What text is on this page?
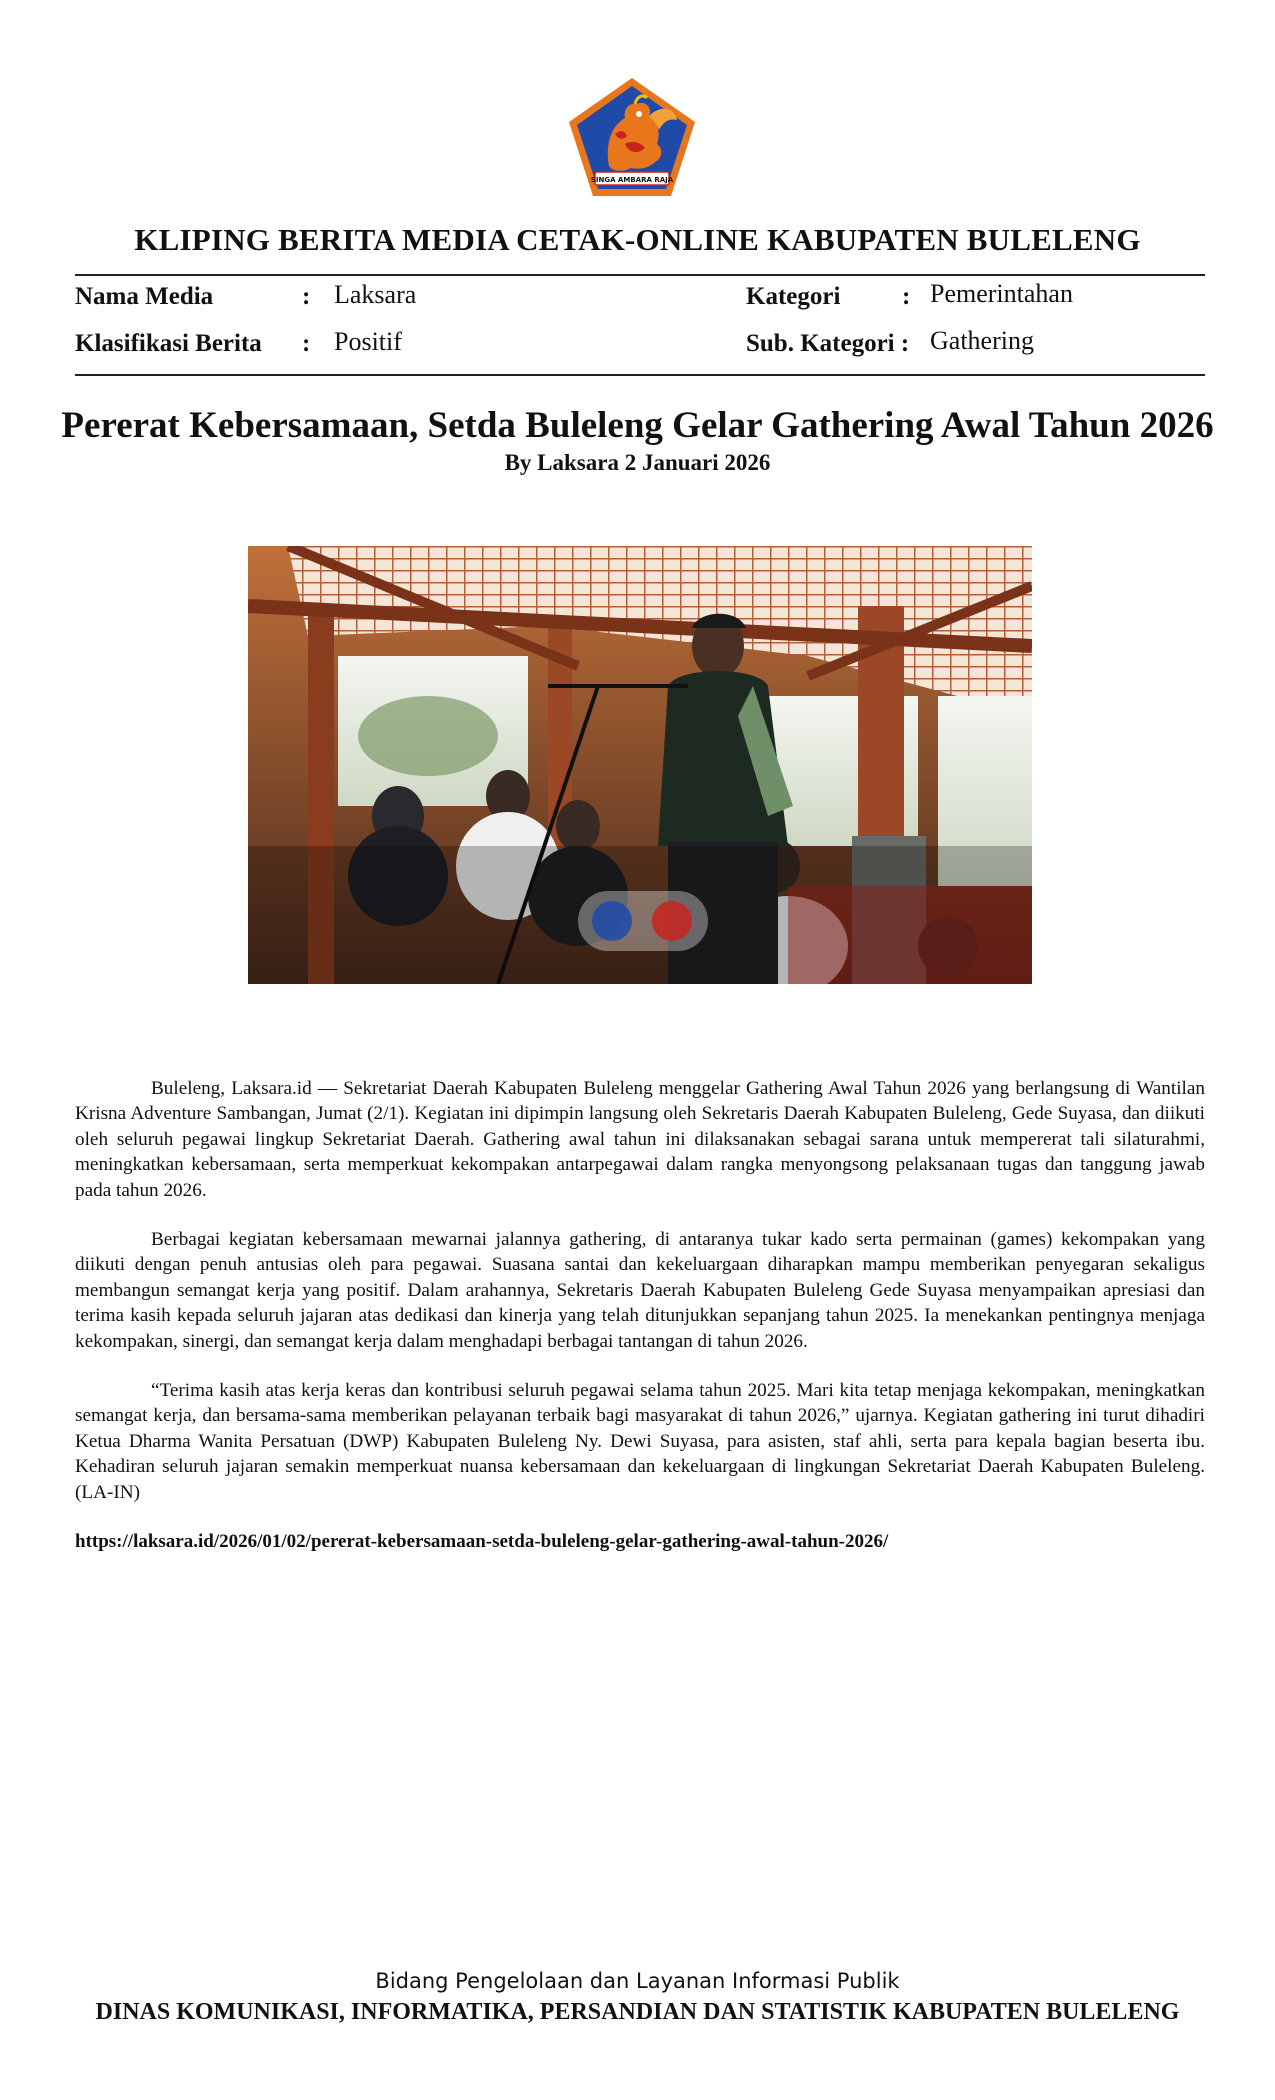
SINGA AMBARA RAJA
KLIPING BERITA MEDIA CETAK-ONLINE KABUPATEN BULELENG
Nama Media	: Laksara
Klasifikasi Berita : Positif
Kategori : Pemerintahan
Sub. Kategori : Gathering
Pererat Kebersamaan, Setda Buleleng Gelar Gathering Awal Tahun 2026
By Laksara 2 Januari 2026

Buleleng, Laksara.id — Sekretariat Daerah Kabupaten Buleleng menggelar Gathering Awal Tahun 2026 yang berlangsung di Wantilan Krisna Adventure Sambangan, Jumat (2/1). Kegiatan ini dipimpin langsung oleh Sekretaris Daerah Kabupaten Buleleng, Gede Suyasa, dan diikuti oleh seluruh pegawai lingkup Sekretariat Daerah. Gathering awal tahun ini dilaksanakan sebagai sarana untuk mempererat tali silaturahmi, meningkatkan kebersamaan, serta memperkuat kekompakan antarpegawai dalam rangka menyongsong pelaksanaan tugas dan tanggung jawab pada tahun 2026.

Berbagai kegiatan kebersamaan mewarnai jalannya gathering, di antaranya tukar kado serta permainan (games) kekompakan yang diikuti dengan penuh antusias oleh para pegawai. Suasana santai dan kekeluargaan diharapkan mampu memberikan penyegaran sekaligus membangun semangat kerja yang positif. Dalam arahannya, Sekretaris Daerah Kabupaten Buleleng Gede Suyasa menyampaikan apresiasi dan terima kasih kepada seluruh jajaran atas dedikasi dan kinerja yang telah ditunjukkan sepanjang tahun 2025. Ia menekankan pentingnya menjaga kekompakan, sinergi, dan semangat kerja dalam menghadapi berbagai tantangan di tahun 2026.

“Terima kasih atas kerja keras dan kontribusi seluruh pegawai selama tahun 2025. Mari kita tetap menjaga kekompakan, meningkatkan semangat kerja, dan bersama-sama memberikan pelayanan terbaik bagi masyarakat di tahun 2026,” ujarnya. Kegiatan gathering ini turut dihadiri Ketua Dharma Wanita Persatuan (DWP) Kabupaten Buleleng Ny. Dewi Suyasa, para asisten, staf ahli, serta para kepala bagian beserta ibu. Kehadiran seluruh jajaran semakin memperkuat nuansa kebersamaan dan kekeluargaan di lingkungan Sekretariat Daerah Kabupaten Buleleng. (LA-IN)

https://laksara.id/2026/01/02/pererat-kebersamaan-setda-buleleng-gelar-gathering-awal-tahun-2026/
Bidang Pengelolaan dan Layanan Informasi Publik
DINAS KOMUNIKASI, INFORMATIKA, PERSANDIAN DAN STATISTIK KABUPATEN BULELENG
